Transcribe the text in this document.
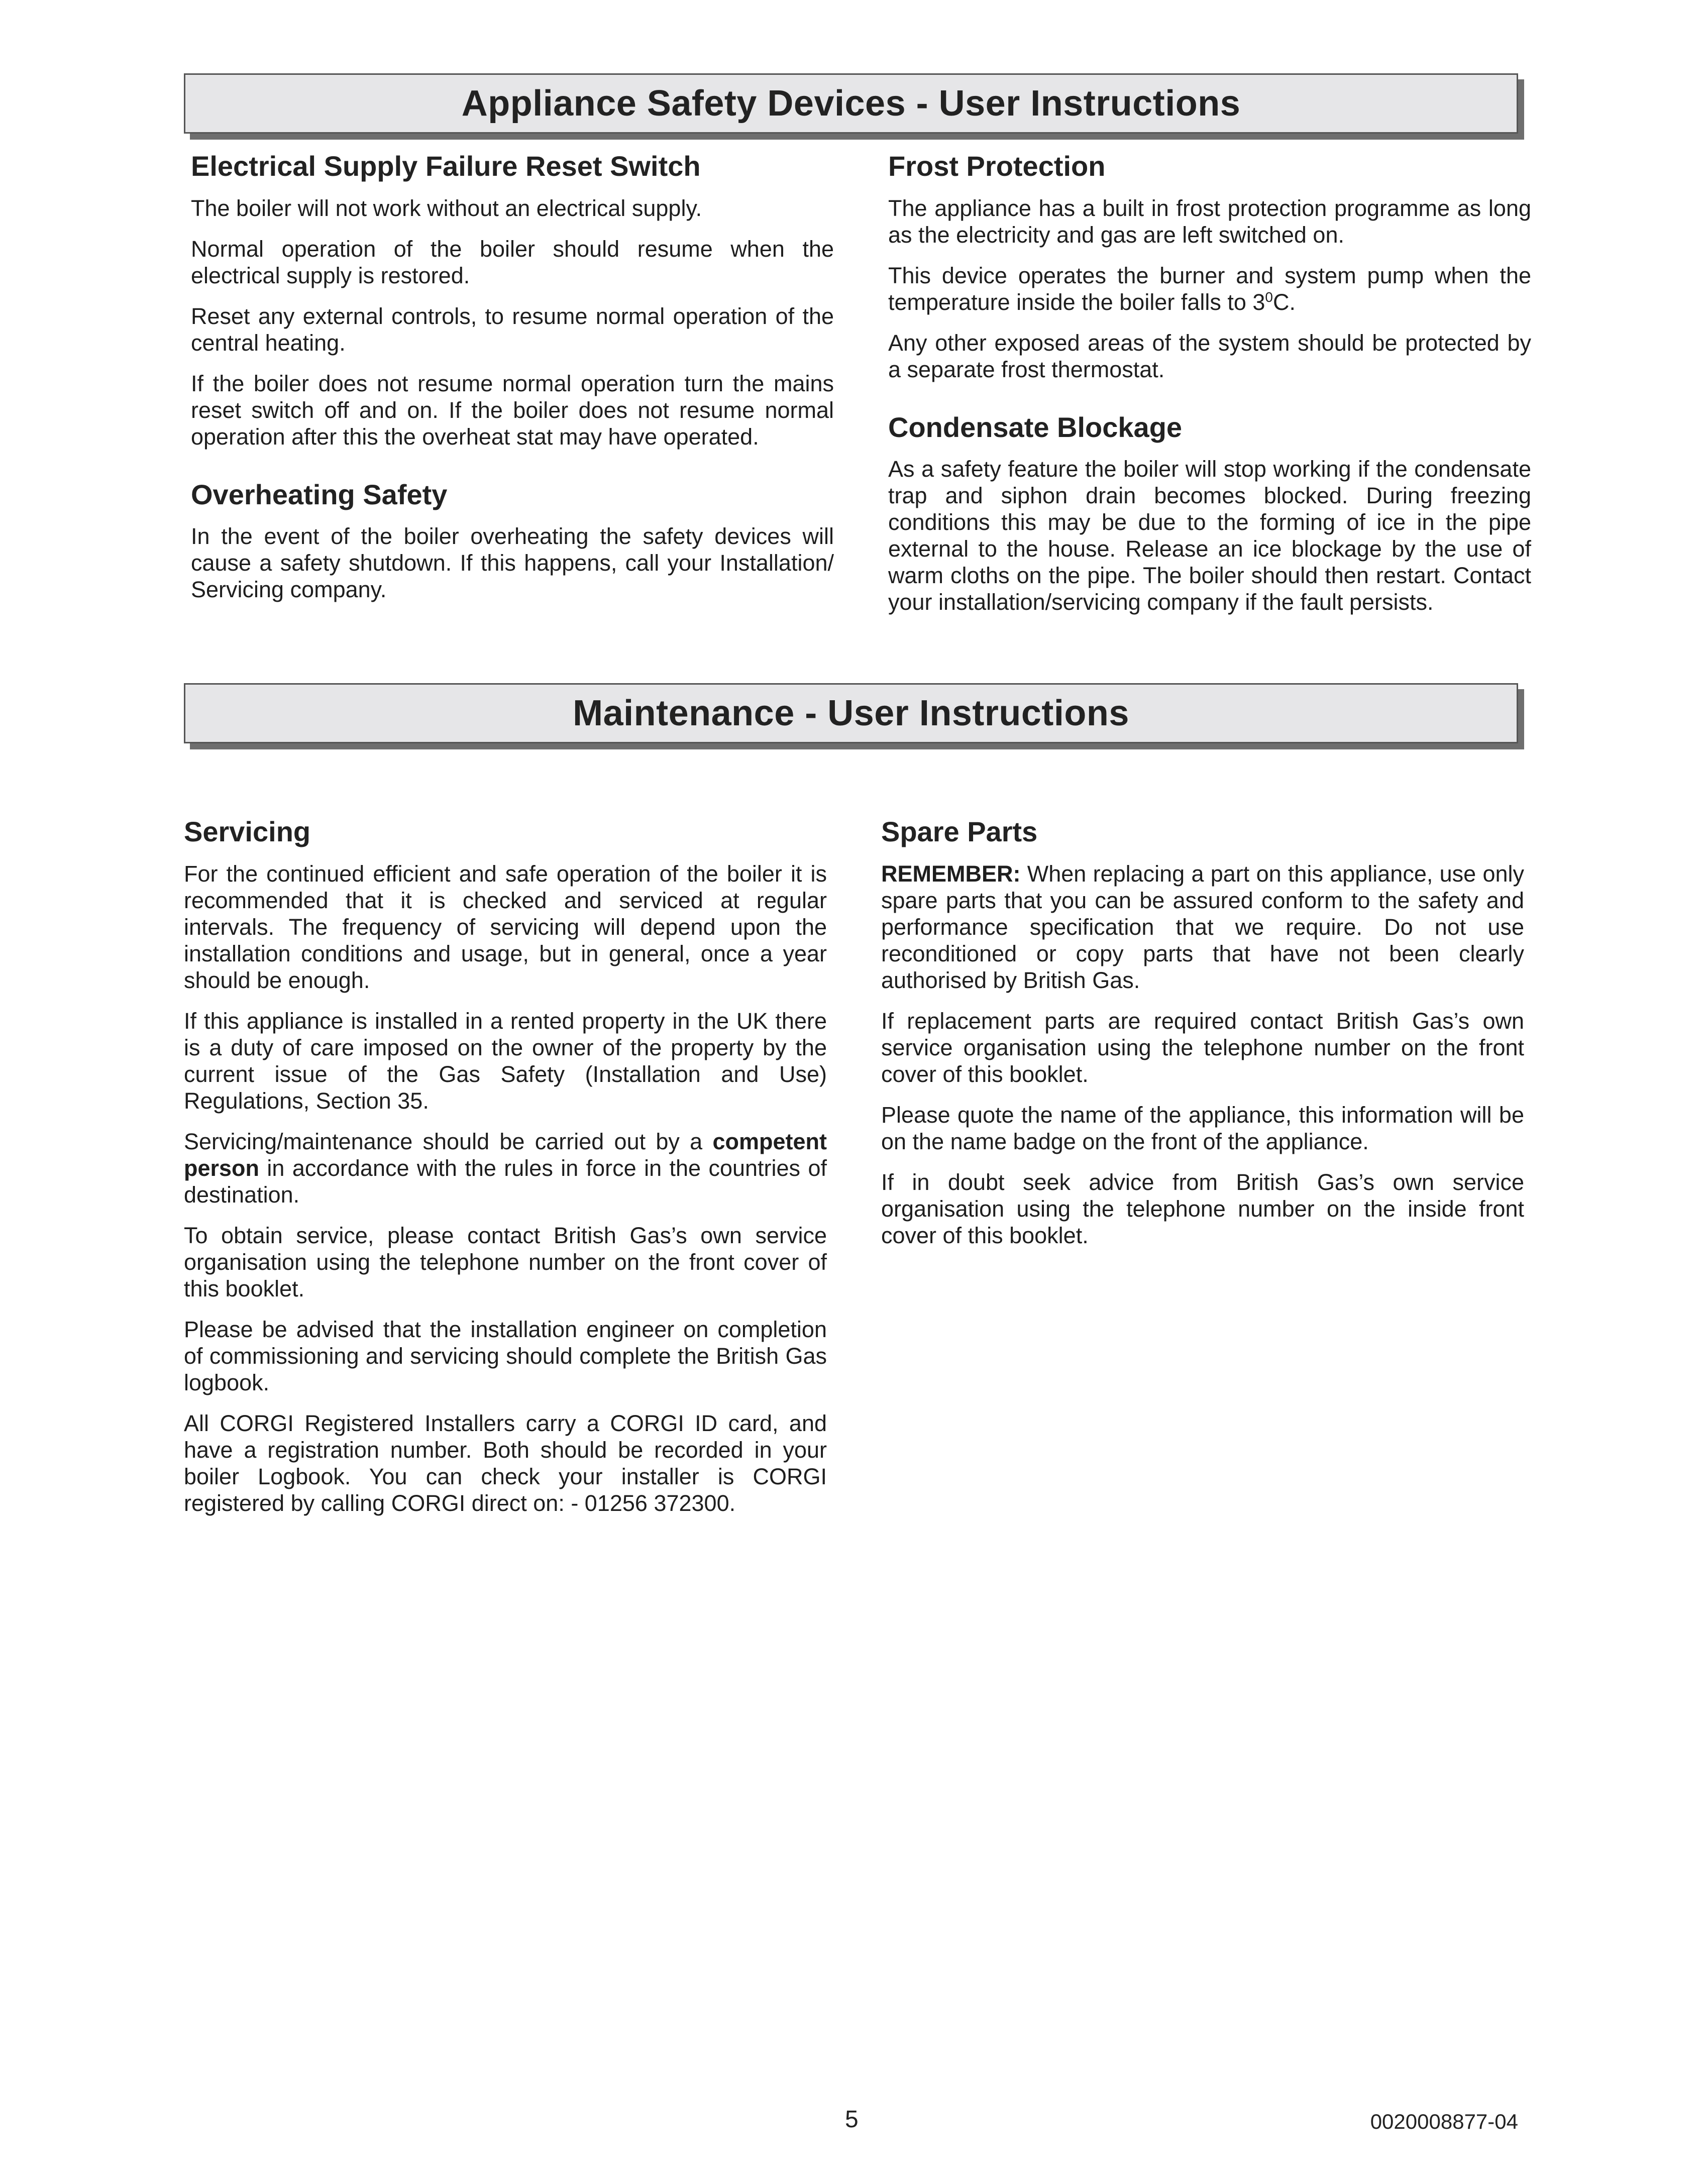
Appliance Safety Devices - User Instructions
Electrical Supply Failure Reset Switch

The boiler will not work without an electrical supply.

Normal operation of the boiler should resume when the electrical supply is restored.

Reset any external controls, to resume normal operation of the central heating.

If the boiler does not resume normal operation turn the mains reset switch off and on. If the boiler does not resume normal operation after this the overheat stat may have operated.

Overheating Safety

In the event of the boiler overheating the safety devices will cause a safety shutdown. If this happens, call your Installation/ Servicing company.

Frost Protection

The appliance has a built in frost protection programme as long as the electricity and gas are left switched on.

This device operates the burner and system pump when the temperature inside the boiler falls to $3^0C$.

Any other exposed areas of the system should be protected by a separate frost thermostat.

Condensate Blockage

As a safety feature the boiler will stop working if the condensate trap and siphon drain becomes blocked. During freezing conditions this may be due to the forming of ice in the pipe external to the house. Release an ice blockage by the use of warm cloths on the pipe. The boiler should then restart. Contact your installation/servicing company if the fault persists.

Maintenance - User Instructions
Servicing

For the continued efficient and safe operation of the boiler it is recommended that it is checked and serviced at regular intervals. The frequency of servicing will depend upon the installation conditions and usage, but in general, once a year should be enough.

If this appliance is installed in a rented property in the UK there is a duty of care imposed on the owner of the property by the current issue of the Gas Safety (Installation and Use) Regulations, Section 35.

Servicing/maintenance should be carried out by a competent person in accordance with the rules in force in the countries of destination.

To obtain service, please contact British Gas’s own service organisation using the telephone number on the front cover of this booklet.

Please be advised that the installation engineer on completion of commissioning and servicing should complete the British Gas logbook.

All CORGI Registered Installers carry a CORGI ID card, and have a registration number. Both should be recorded in your boiler Logbook. You can check your installer is CORGI registered by calling CORGI direct on: - 01256 372300.

Spare Parts

REMEMBER: When replacing a part on this appliance, use only spare parts that you can be assured conform to the safety and performance specification that we require. Do not use reconditioned or copy parts that have not been clearly authorised by British Gas.

If replacement parts are required contact British Gas’s own service organisation using the telephone number on the front cover of this booklet.

Please quote the name of the appliance, this information will be on the name badge on the front of the appliance.

If in doubt seek advice from British Gas’s own service organisation using the telephone number on the inside front cover of this booklet.

5	0020008877-04
